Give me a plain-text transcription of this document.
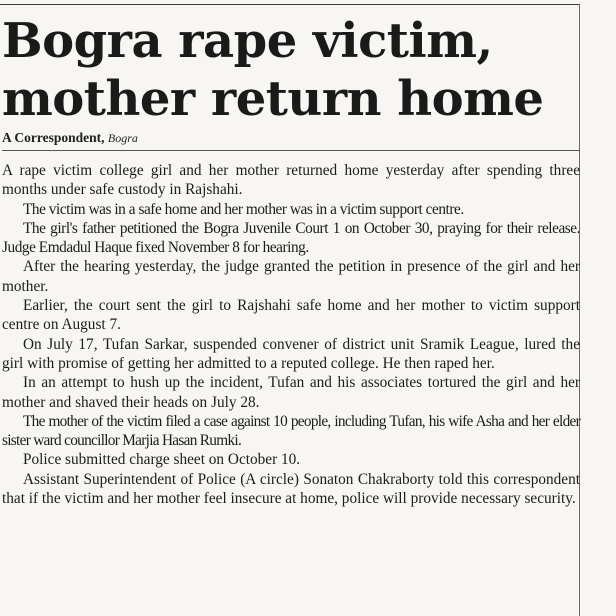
Bogra rape victim, mother return home
A Correspondent, Bogra

A rape victim college girl and her mother returned home yesterday after spending three months under safe custody in Rajshahi.

The victim was in a safe home and her mother was in a victim support centre.

The girl's father petitioned the Bogra Juvenile Court 1 on October 30, praying for their release. Judge Emdadul Haque fixed November 8 for hearing.

After the hearing yesterday, the judge granted the petition in presence of the girl and her mother.

Earlier, the court sent the girl to Rajshahi safe home and her mother to victim support centre on August 7.

On July 17, Tufan Sarkar, suspended convener of district unit Sramik League, lured the girl with promise of getting her admitted to a reputed college. He then raped her.

In an attempt to hush up the incident, Tufan and his associates tortured the girl and her mother and shaved their heads on July 28.

The mother of the victim filed a case against 10 people, including Tufan, his wife Asha and her elder sister ward councillor Marjia Hasan Rumki.

Police submitted charge sheet on October 10.

Assistant Superintendent of Police (A circle) Sonaton Chakraborty told this correspondent that if the victim and her mother feel insecure at home, police will provide necessary security.
